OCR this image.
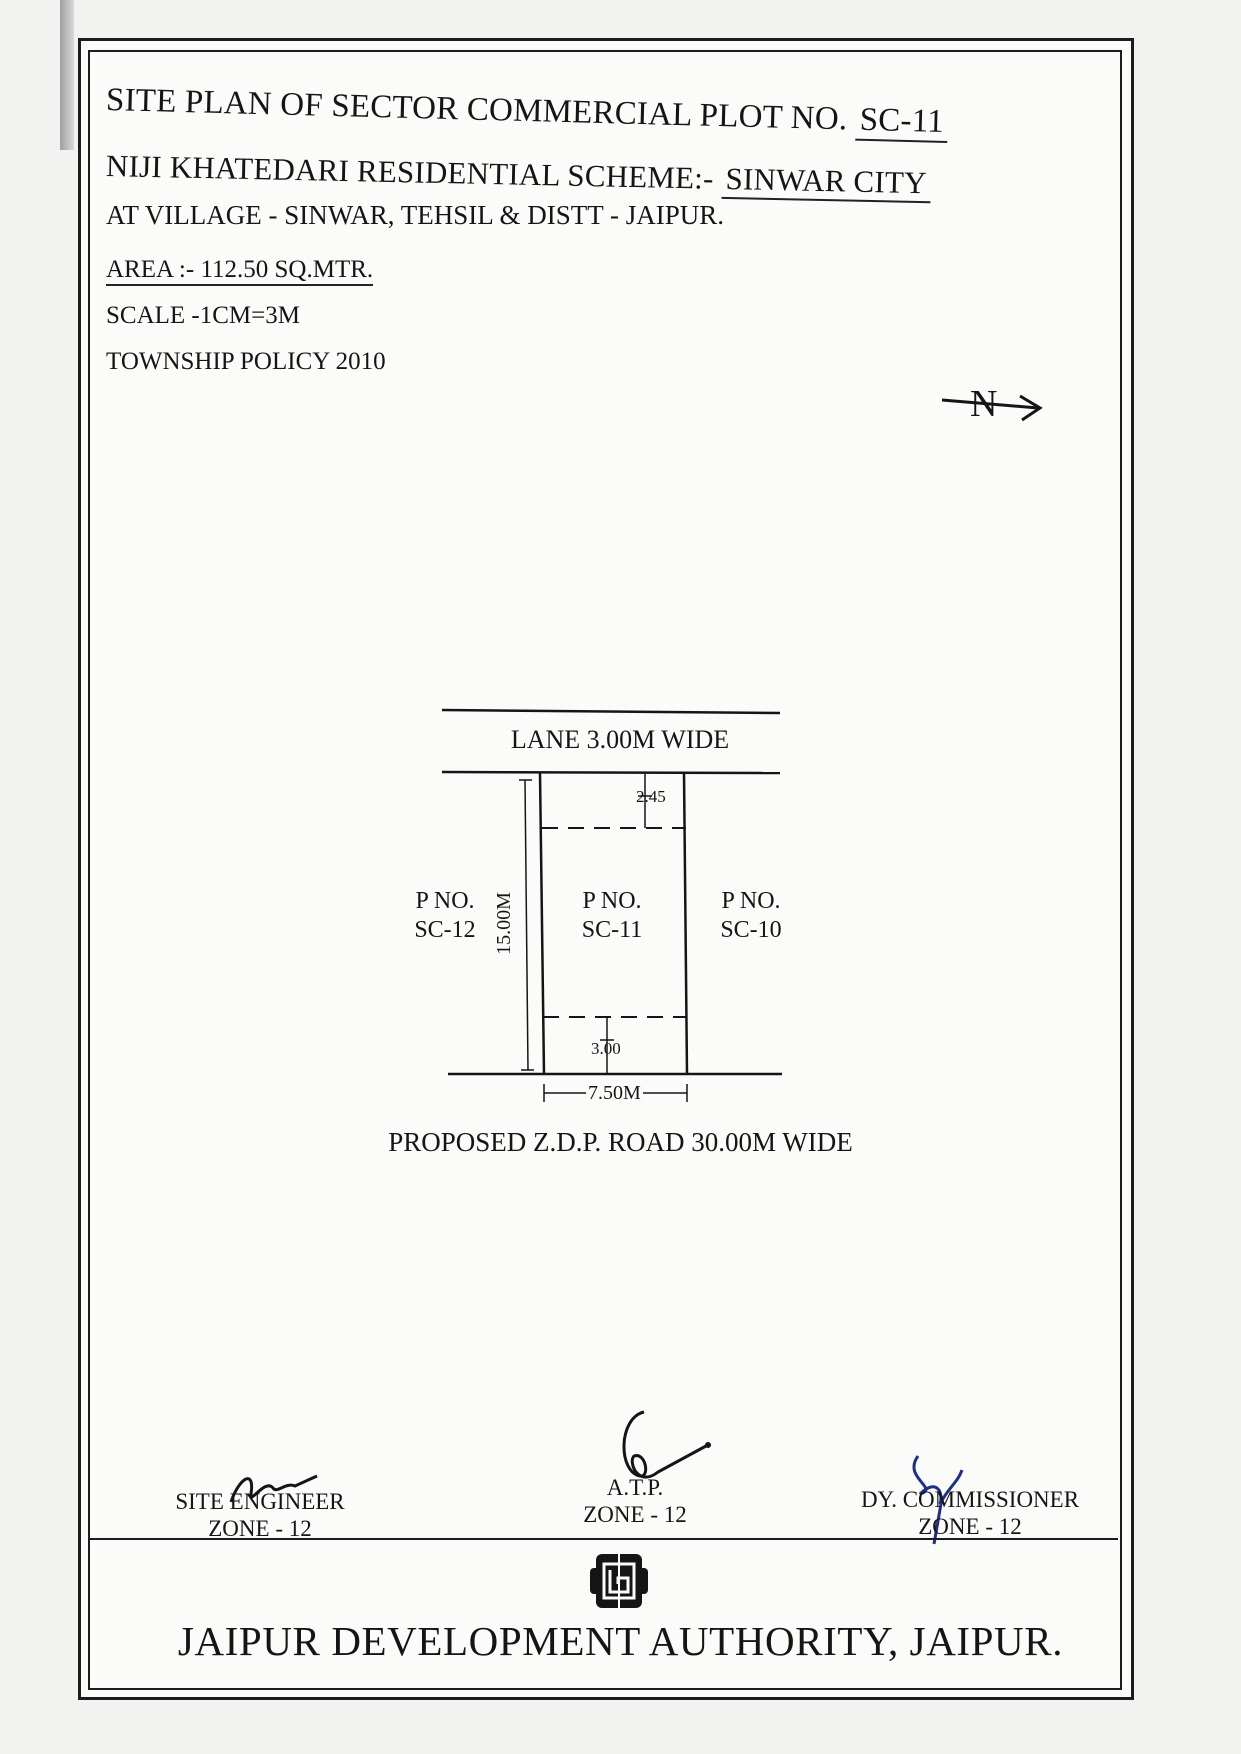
SITE PLAN OF SECTOR COMMERCIAL PLOT NO. SC-11
NIJI KHATEDARI RESIDENTIAL SCHEME:- SINWAR CITY
AT VILLAGE - SINWAR, TEHSIL & DISTT - JAIPUR.
AREA :- 112.50 SQ.MTR.
SCALE -1CM=3M
TOWNSHIP POLICY 2010
N
LANE 3.00M WIDE
P NO.
SC-12
P NO.
SC-11
P NO.
SC-10
2.45
3.00
15.00M
7.50M
PROPOSED Z.D.P. ROAD 30.00M WIDE
SITE ENGINEER
ZONE - 12
A.T.P.
ZONE - 12
DY. COMMISSIONER
ZONE - 12
JAIPUR DEVELOPMENT AUTHORITY, JAIPUR.
